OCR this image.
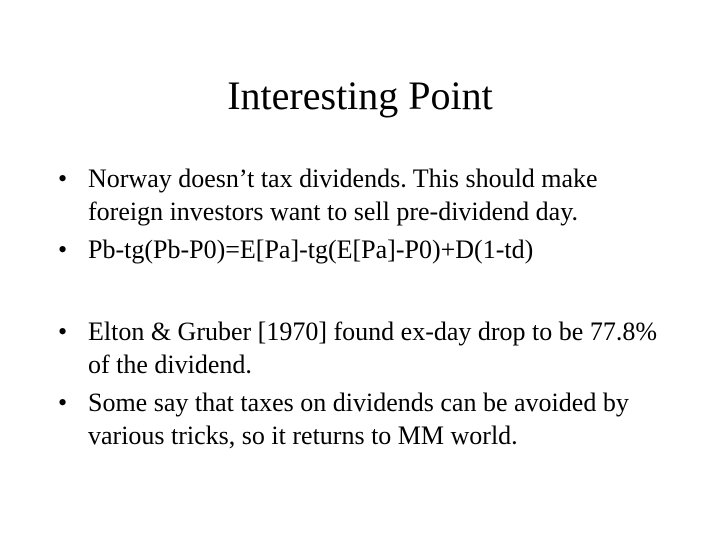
Interesting Point
• Norway doesn’t tax dividends. This should make foreign investors want to sell pre-dividend day.
• Pb-tg(Pb-P0)=E[Pa]-tg(E[Pa]-P0)+D(1-td)
• Elton & Gruber [1970] found ex-day drop to be 77.8% of the dividend.
• Some say that taxes on dividends can be avoided by various tricks, so it returns to MM world.
